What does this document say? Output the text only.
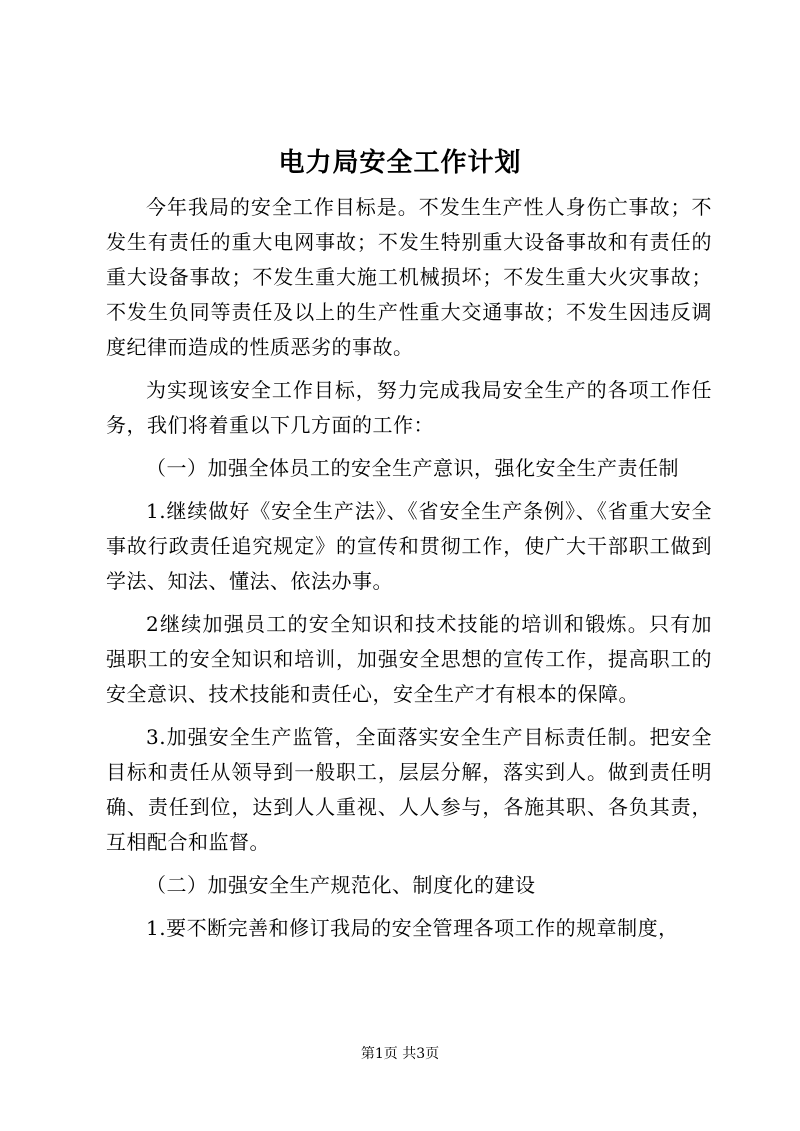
电力局安全工作计划

今年我局的安全工作目标是。不发生生产性人身伤亡事故；不发生有责任的重大电网事故；不发生特别重大设备事故和有责任的重大设备事故；不发生重大施工机械损坏；不发生重大火灾事故；不发生负同等责任及以上的生产性重大交通事故；不发生因违反调度纪律而造成的性质恶劣的事故。

为实现该安全工作目标，努力完成我局安全生产的各项工作任务，我们将着重以下几方面的工作：

（一）加强全体员工的安全生产意识，强化安全生产责任制

1.继续做好《安全生产法》、《省安全生产条例》、《省重大安全事故行政责任追究规定》的宣传和贯彻工作，使广大干部职工做到学法、知法、懂法、依法办事。

2继续加强员工的安全知识和技术技能的培训和锻炼。只有加强职工的安全知识和培训，加强安全思想的宣传工作，提高职工的安全意识、技术技能和责任心，安全生产才有根本的保障。

3.加强安全生产监管，全面落实安全生产目标责任制。把安全目标和责任从领导到一般职工，层层分解，落实到人。做到责任明确、责任到位，达到人人重视、人人参与，各施其职、各负其责，互相配合和监督。

（二）加强安全生产规范化、制度化的建设

1.要不断完善和修订我局的安全管理各项工作的规章制度，

第1页 共3页
